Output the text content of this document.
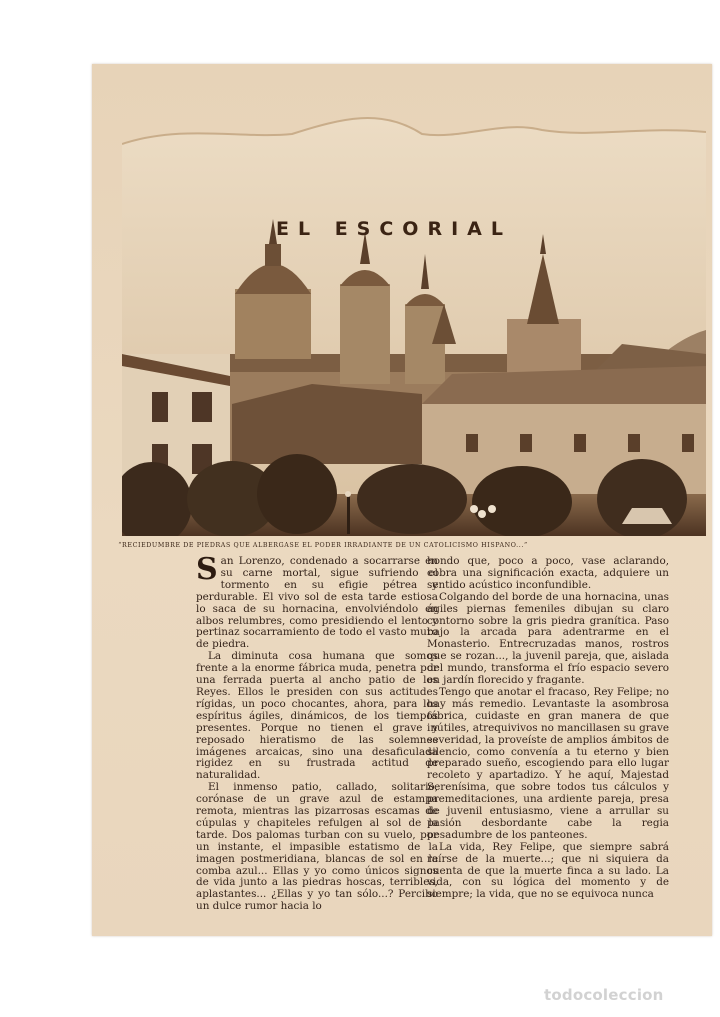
EL ESCORIAL
“RECIEDUMBRE DE PIEDRAS QUE ALBERGASE EL PODER IRRADIANTE DE UN CATOLICISMO HISPANO...”

San Lorenzo, condenado a socarrarse en su carne mortal, sigue sufriendo el tormento en su efigie pétrea y perdurable. El vivo sol de esta tarde estiosa lo saca de su hornacina, envolviéndolo en albos relumbres, como presidiendo el lento y pertinaz socarramiento de todo el vasto muro de piedra.

La diminuta cosa humana que somos frente a la enorme fábrica muda, penetra por una ferrada puerta al ancho patio de los Reyes. Ellos le presiden con sus actitudes rígidas, un poco chocantes, ahora, para los espíritus ágiles, dinámicos, de los tiempos presentes. Porque no tienen el grave y reposado hieratismo de las solemnes imágenes arcaicas, sino una desaficulada rigidez en su frustrada actitud de naturalidad.

El inmenso patio, callado, solitario, corónase de un grave azul de estampa remota, mientras las pizarrosas escamas de cúpulas y chapiteles refulgen al sol de la tarde. Dos palomas turban con su vuelo, por un instante, el impasible estatismo de la imagen postmeridiana, blancas de sol en la comba azul... Ellas y yo como únicos signos de vida junto a las piedras hoscas, terribles, aplastantes... ¿Ellas y yo tan sólo...? Percibo un dulce rumor hacia lo

hondo que, poco a poco, vase aclarando, cobra una significación exacta, adquiere un sentido acústico inconfundible.

Colgando del borde de una hornacina, unas ágiles piernas femeniles dibujan su claro contorno sobre la gris piedra granítica. Paso bajo la arcada para adentrarme en el Monasterio. Entrecruzadas manos, rostros que se rozan..., la juvenil pareja, que, aislada del mundo, transforma el frío espacio severo en jardín florecido y fragante.

Tengo que anotar el fracaso, Rey Felipe; no hay más remedio. Levantaste la asombrosa fábrica, cuidaste en gran manera de que inútiles, atrequivivos no mancillasen su grave severidad, la proveíste de amplios ámbitos de silencio, como convenía a tu eterno y bien preparado sueño, escogiendo para ello lugar recoleto y apartadizo. Y he aquí, Majestad Serenísima, que sobre todos tus cálculos y premeditaciones, una ardiente pareja, presa de juvenil entusiasmo, viene a arrullar su pasión desbordante cabe la regia pesadumbre de los panteones.

La vida, Rey Felipe, que siempre sabrá reírse de la muerte...; que ni siquiera da cuenta de que la muerte finca a su lado. La vida, con su lógica del momento y de siempre; la vida, que no se equivoca nunca

todocoleccion
